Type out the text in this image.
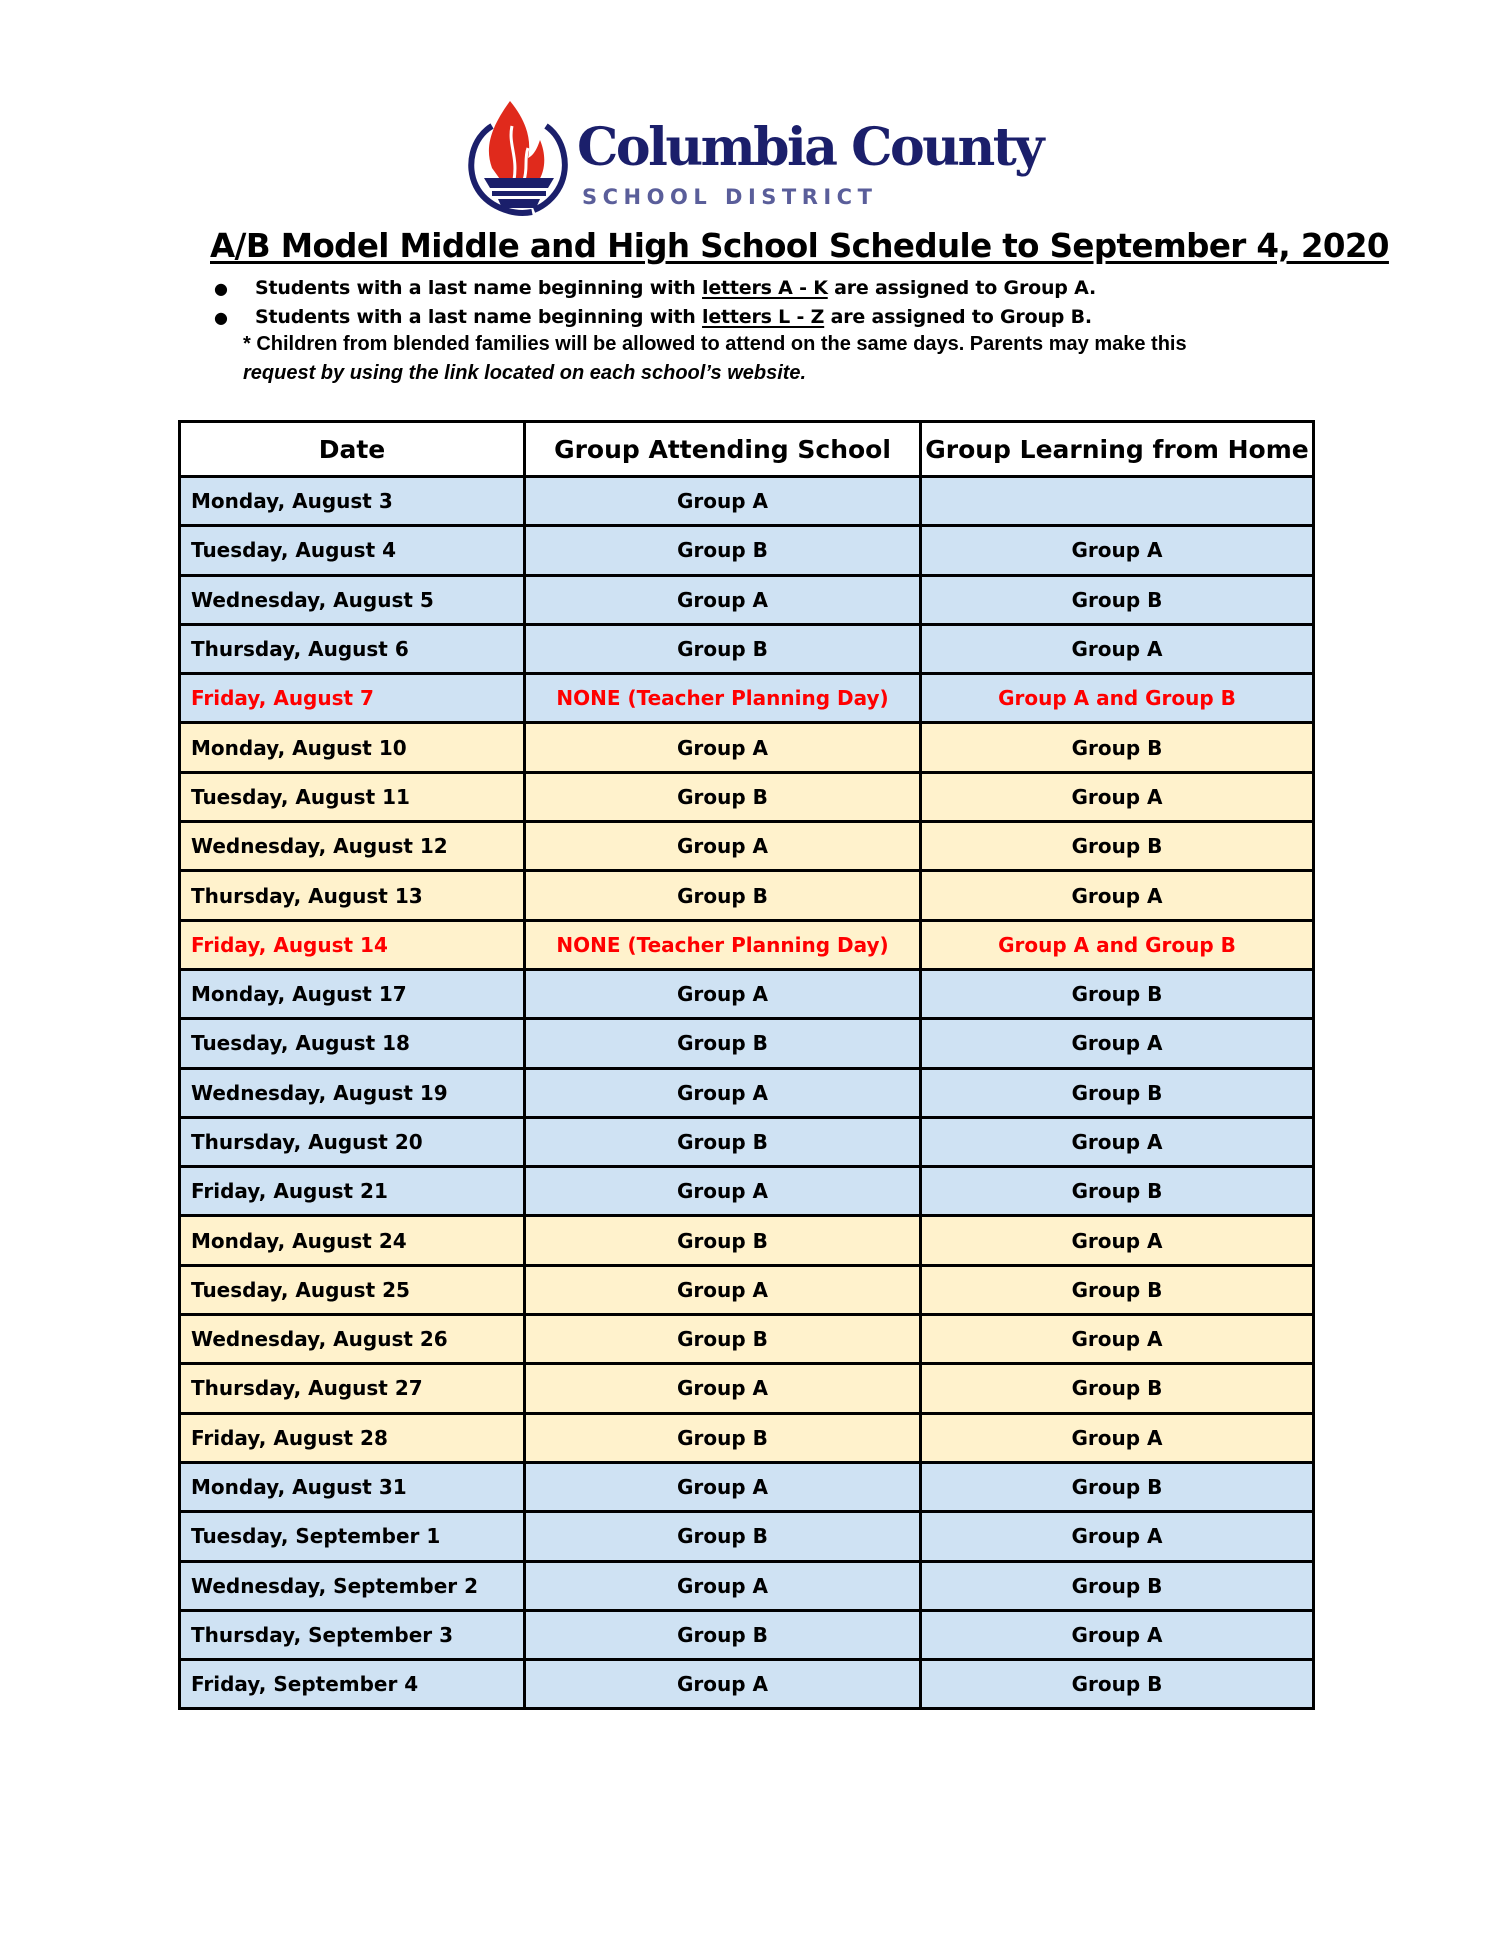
Columbia County
SCHOOL DISTRICT
A/B Model Middle and High School Schedule to September 4, 2020
● Students with a last name beginning with letters A - K are assigned to Group A.
● Students with a last name beginning with letters L - Z are assigned to Group B.
* Children from blended families will be allowed to attend on the same days. Parents may make this
request by using the link located on each school’s website.
Date	Group Attending School	Group Learning from Home
Monday, August 3	Group A	
Tuesday, August 4	Group B	Group A
Wednesday, August 5	Group A	Group B
Thursday, August 6	Group B	Group A
Friday, August 7	NONE (Teacher Planning Day)	Group A and Group B
Monday, August 10	Group A	Group B
Tuesday, August 11	Group B	Group A
Wednesday, August 12	Group A	Group B
Thursday, August 13	Group B	Group A
Friday, August 14	NONE (Teacher Planning Day)	Group A and Group B
Monday, August 17	Group A	Group B
Tuesday, August 18	Group B	Group A
Wednesday, August 19	Group A	Group B
Thursday, August 20	Group B	Group A
Friday, August 21	Group A	Group B
Monday, August 24	Group B	Group A
Tuesday, August 25	Group A	Group B
Wednesday, August 26	Group B	Group A
Thursday, August 27	Group A	Group B
Friday, August 28	Group B	Group A
Monday, August 31	Group A	Group B
Tuesday, September 1	Group B	Group A
Wednesday, September 2	Group A	Group B
Thursday, September 3	Group B	Group A
Friday, September 4	Group A	Group B
